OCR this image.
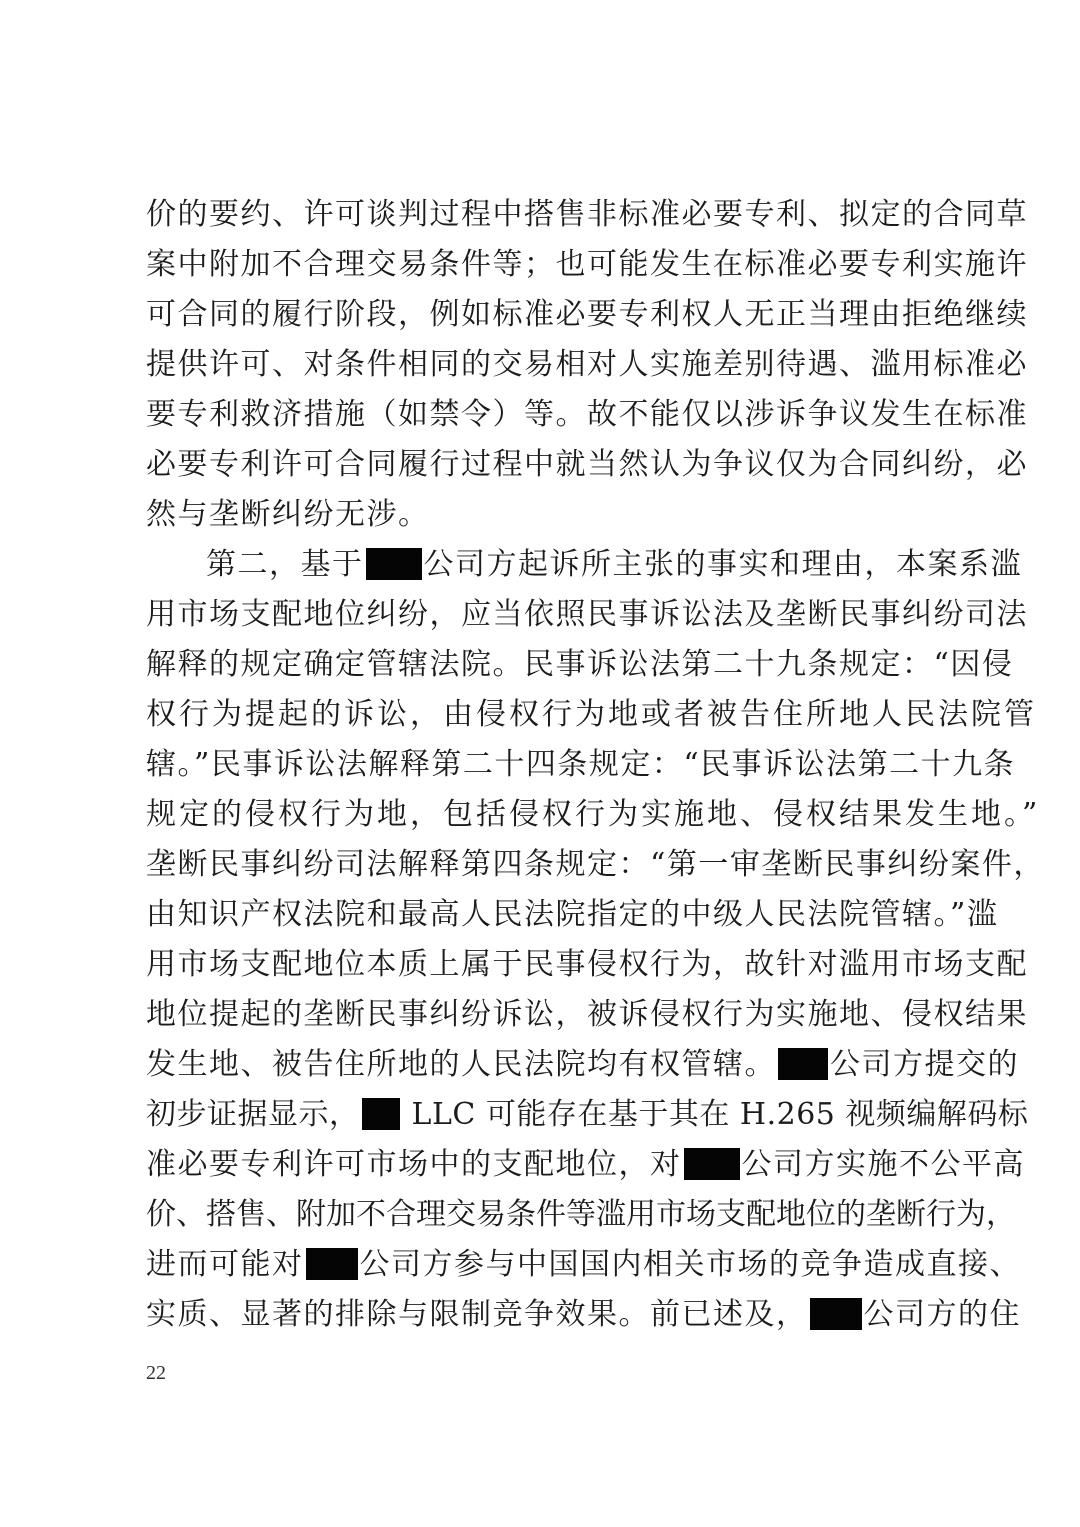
价的要约、许可谈判过程中搭售非标准必要专利、拟定的合同草
案中附加不合理交易条件等；也可能发生在标准必要专利实施许
可合同的履行阶段，例如标准必要专利权人无正当理由拒绝继续
提供许可、对条件相同的交易相对人实施差别待遇、滥用标准必
要专利救济措施（如禁令）等。故不能仅以涉诉争议发生在标准
必要专利许可合同履行过程中就当然认为争议仅为合同纠纷，必
然与垄断纠纷无涉。
第二，基于 公司方起诉所主张的事实和理由，本案系滥
用市场支配地位纠纷，应当依照民事诉讼法及垄断民事纠纷司法
解释的规定确定管辖法院。民事诉讼法第二十九条规定：“因侵
权行为提起的诉讼，由侵权行为地或者被告住所地人民法院管
辖。”民事诉讼法解释第二十四条规定：“民事诉讼法第二十九条
规定的侵权行为地，包括侵权行为实施地、侵权结果发生地。”
垄断民事纠纷司法解释第四条规定：“第一审垄断民事纠纷案件，
由知识产权法院和最高人民法院指定的中级人民法院管辖。”滥
用市场支配地位本质上属于民事侵权行为，故针对滥用市场支配
地位提起的垄断民事纠纷诉讼，被诉侵权行为实施地、侵权结果
发生地、被告住所地的人民法院均有权管辖。 公司方提交的
初步证据显示， LLC 可能存在基于其在 H.265 视频编解码标
准必要专利许可市场中的支配地位，对 公司方实施不公平高
价、搭售、附加不合理交易条件等滥用市场支配地位的垄断行为，
进而可能对 公司方参与中国国内相关市场的竞争造成直接、
实质、显著的排除与限制竞争效果。前已述及， 公司方的住
22
